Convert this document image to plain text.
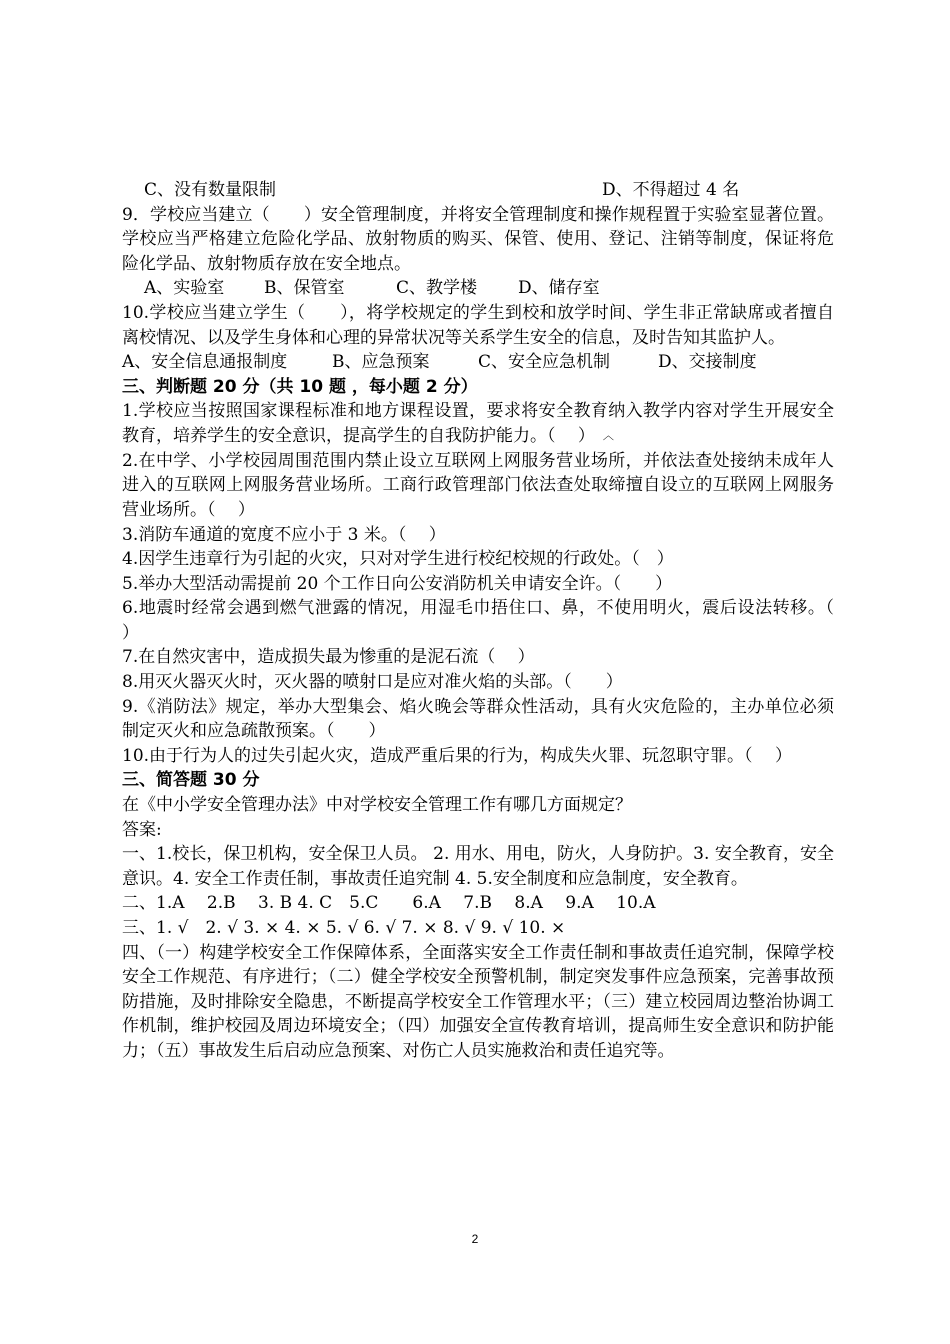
C、没有数量限制	D、不得超过 4 名

9．学校应当建立（　　）安全管理制度，并将安全管理制度和操作规程置于实验室显著位置。学校应当严格建立危险化学品、放射物质的购买、保管、使用、登记、注销等制度，保证将危险化学品、放射物质存放在安全地点。

A、实验室 B、保管室	C、教学楼 D、储存室

10.学校应当建立学生（　　），将学校规定的学生到校和放学时间、学生非正常缺席或者擅自离校情况、以及学生身体和心理的异常状况等关系学生安全的信息，及时告知其监护人。

A、安全信息通报制度	B、应急预案	C、安全应急机制	D、交接制度

三、判断题 20 分（共 10 题 ，每小题 2 分）

1.学校应当按照国家课程标准和地方课程设置，要求将安全教育纳入教学内容对学生开展安全教育，培养学生的安全意识，提高学生的自我防护能力。（　 ） ︿

2.在中学、小学校园周围范围内禁止设立互联网上网服务营业场所，并依法查处接纳未成年人进入的互联网上网服务营业场所。工商行政管理部门依法查处取缔擅自设立的互联网上网服务营业场所。（　 ）

3.消防车通道的宽度不应小于 3 米。（　 ）

4.因学生违章行为引起的火灾，只对对学生进行校纪校规的行政处。（　）

5.举办大型活动需提前 20 个工作日向公安消防机关申请安全许。（　　）

6.地震时经常会遇到燃气泄露的情况，用湿毛巾捂住口、鼻，不使用明火，震后设法转移。（　 ）

7.在自然灾害中，造成损失最为惨重的是泥石流（　 ）

8.用灭火器灭火时，灭火器的喷射口是应对准火焰的头部。（　　）

9.《消防法》规定，举办大型集会、焰火晚会等群众性活动，具有火灾危险的，主办单位必须制定灭火和应急疏散预案。（　　）

10.由于行为人的过失引起火灾，造成严重后果的行为，构成失火罪、玩忽职守罪。（　 ）

三、简答题 30 分

在《中小学安全管理办法》中对学校安全管理工作有哪几方面规定？

答案:

一、1.校长，保卫机构，安全保卫人员。 2. 用水、用电，防火，人身防护。3. 安全教育，安全意识。4. 安全工作责任制，事故责任追究制 4. 5.安全制度和应急制度，安全教育。

二、1.A　 2.B　 3. B 4. C　5.C　　6.A　 7.B　 8.A　 9.A　 10.A

三、1. √　2. √ 3. × 4. × 5. √ 6. √ 7. × 8. √ 9. √ 10. ×

四、（一）构建学校安全工作保障体系，全面落实安全工作责任制和事故责任追究制，保障学校安全工作规范、有序进行；（二）健全学校安全预警机制，制定突发事件应急预案，完善事故预防措施，及时排除安全隐患，不断提高学校安全工作管理水平；（三）建立校园周边整治协调工作机制，维护校园及周边环境安全；（四）加强安全宣传教育培训，提高师生安全意识和防护能力；（五）事故发生后启动应急预案、对伤亡人员实施救治和责任追究等。

2
